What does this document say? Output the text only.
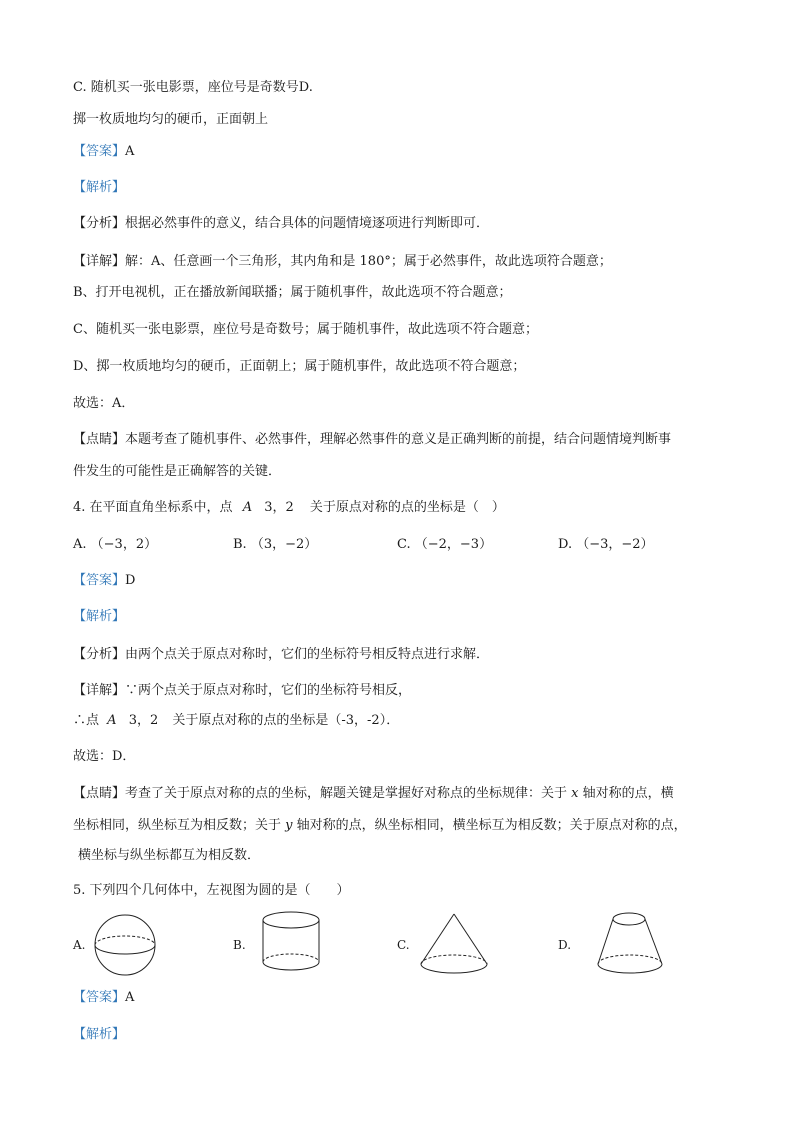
C. 随机买一张电影票，座位号是奇数号D.
掷一枚质地均匀的硬币，正面朝上
【答案】A
【解析】
【分析】根据必然事件的意义，结合具体的问题情境逐项进行判断即可．
【详解】解：A、任意画一个三角形，其内角和是 180°；属于必然事件，故此选项符合题意；
B、打开电视机，正在播放新闻联播；属于随机事件，故此选项不符合题意；
C、随机买一张电影票，座位号是奇数号；属于随机事件，故此选项不符合题意；
D、掷一枚质地均匀的硬币，正面朝上；属于随机事件，故此选项不符合题意；
故选：A．
【点睛】本题考查了随机事件、必然事件，理解必然事件的意义是正确判断的前提，结合问题情境判断事
件发生的可能性是正确解答的关键．
4. 在平面直角坐标系中，点 A 3，2 关于原点对称的点的坐标是（　）
A. （−3，2）	B. （3，−2）	C. （−2，−3）	D. （−3，−2）
【答案】D
【解析】
【分析】由两个点关于原点对称时，它们的坐标符号相反特点进行求解．
【详解】∵两个点关于原点对称时，它们的坐标符号相反，
∴点 A 3，2 关于原点对称的点的坐标是（-3，-2）．
故选：D．
【点睛】考查了关于原点对称的点的坐标，解题关键是掌握好对称点的坐标规律：关于 x 轴对称的点，横
坐标相同，纵坐标互为相反数；关于 y 轴对称的点，纵坐标相同，横坐标互为相反数；关于原点对称的点，
横坐标与纵坐标都互为相反数．
5. 下列四个几何体中，左视图为圆的是（　　）
A.	B.	C.	D.
【答案】A
【解析】
